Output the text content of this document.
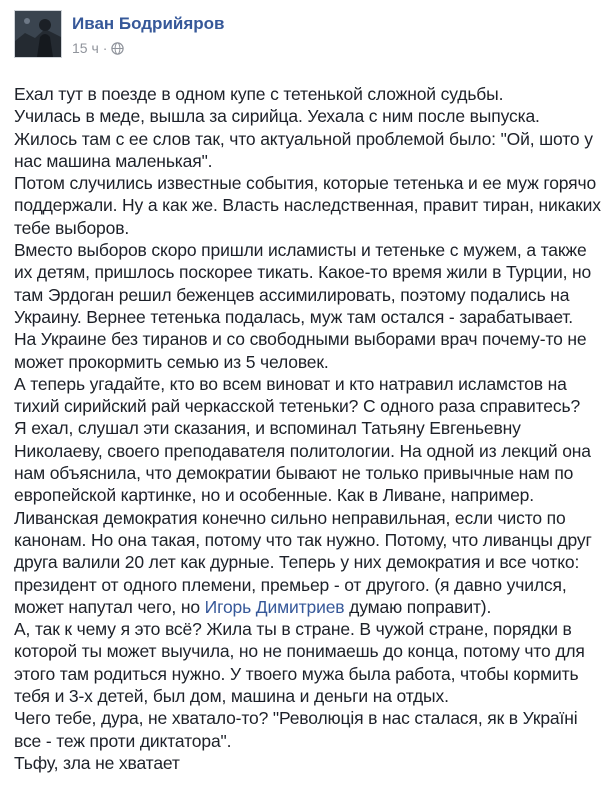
Иван Бодрийяров
15 ч ·

Ехал тут в поезде в одном купе с тетенькой сложной судьбы.

Училась в меде, вышла за сирийца. Уехала с ним после выпуска.

Жилось там с ее слов так, что актуальной проблемой было: "Ой, шото у нас машина маленькая".

Потом случились известные события, которые тетенька и ее муж горячо поддержали. Ну а как же. Власть наследственная, правит тиран, никаких тебе выборов.

Вместо выборов скоро пришли исламисты и тетеньке с мужем, а также их детям, пришлось поскорее тикать. Какое-то время жили в Турции, но там Эрдоган решил беженцев ассимилировать, поэтому подались на Украину. Вернее тетенька подалась, муж там остался - зарабатывает.

На Украине без тиранов и со свободными выборами врач почему-то не может прокормить семью из 5 человек.

А теперь угадайте, кто во всем виноват и кто натравил исламстов на тихий сирийский рай черкасской тетеньки? С одного раза справитесь?

Я ехал, слушал эти сказания, и вспоминал Татьяну Евгеньевну Николаеву, своего преподавателя политологии. На одной из лекций она нам объяснила, что демократии бывают не только привычные нам по европейской картинке, но и особенные. Как в Ливане, например.

Ливанская демократия конечно сильно неправильная, если чисто по канонам. Но она такая, потому что так нужно. Потому, что ливанцы друг друга валили 20 лет как дурные. Теперь у них демократия и все чотко: президент от одного племени, премьер - от другого. (я давно учился, может напутал чего, но Игорь Димитриев думаю поправит).

А, так к чему я это всё? Жила ты в стране. В чужой стране, порядки в которой ты может выучила, но не понимаешь до конца, потому что для этого там родиться нужно. У твоего мужа была работа, чтобы кормить тебя и 3-х детей, был дом, машина и деньги на отдых.

Чего тебе, дура, не хватало-то? "Революція в нас сталася, як в Україні все - теж проти диктатора".

Тьфу, зла не хватает
